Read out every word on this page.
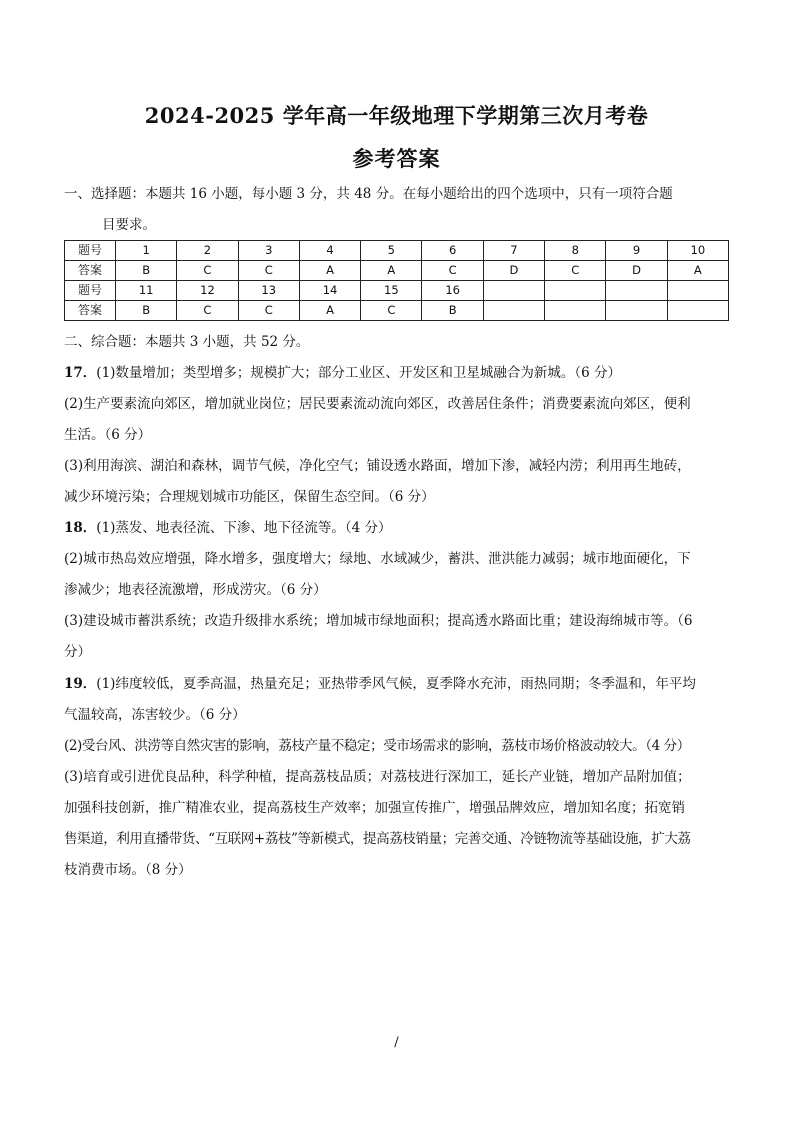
2024-2025 学年高一年级地理下学期第三次月考卷
参考答案
一、选择题：本题共 16 小题，每小题 3 分，共 48 分。在每小题给出的四个选项中，只有一项符合题
目要求。
题号	1	2	3	4	5	6	7	8	9	10
答案	B	C	C	A	A	C	D	C	D	A
题号	11	12	13	14	15	16				
答案	B	C	C	A	C	B				
二、综合题：本题共 3 小题，共 52 分。
17．(1)数量增加；类型增多；规模扩大；部分工业区、开发区和卫星城融合为新城。（6 分）
(2)生产要素流向郊区，增加就业岗位；居民要素流动流向郊区，改善居住条件；消费要素流向郊区，便利
生活。（6 分）
(3)利用海滨、湖泊和森林，调节气候，净化空气；铺设透水路面，增加下渗，减轻内涝；利用再生地砖，
减少环境污染；合理规划城市功能区，保留生态空间。（6 分）
18．(1)蒸发、地表径流、下渗、地下径流等。（4 分）
(2)城市热岛效应增强，降水增多，强度增大；绿地、水域减少，蓄洪、泄洪能力减弱；城市地面硬化，下
渗减少；地表径流激增，形成涝灾。（6 分）
(3)建设城市蓄洪系统；改造升级排水系统；增加城市绿地面积；提高透水路面比重；建设海绵城市等。（6
分）
19．(1)纬度较低，夏季高温，热量充足；亚热带季风气候，夏季降水充沛，雨热同期；冬季温和，年平均
气温较高，冻害较少。（6 分）
(2)受台风、洪涝等自然灾害的影响，荔枝产量不稳定；受市场需求的影响，荔枝市场价格波动较大。（4 分）
(3)培育或引进优良品种，科学种植，提高荔枝品质；对荔枝进行深加工，延长产业链，增加产品附加值；
加强科技创新，推广精准农业，提高荔枝生产效率；加强宣传推广，增强品牌效应，增加知名度；拓宽销
售渠道，利用直播带货、“互联网+荔枝”等新模式，提高荔枝销量；完善交通、冷链物流等基础设施，扩大荔
枝消费市场。（8 分）
/
